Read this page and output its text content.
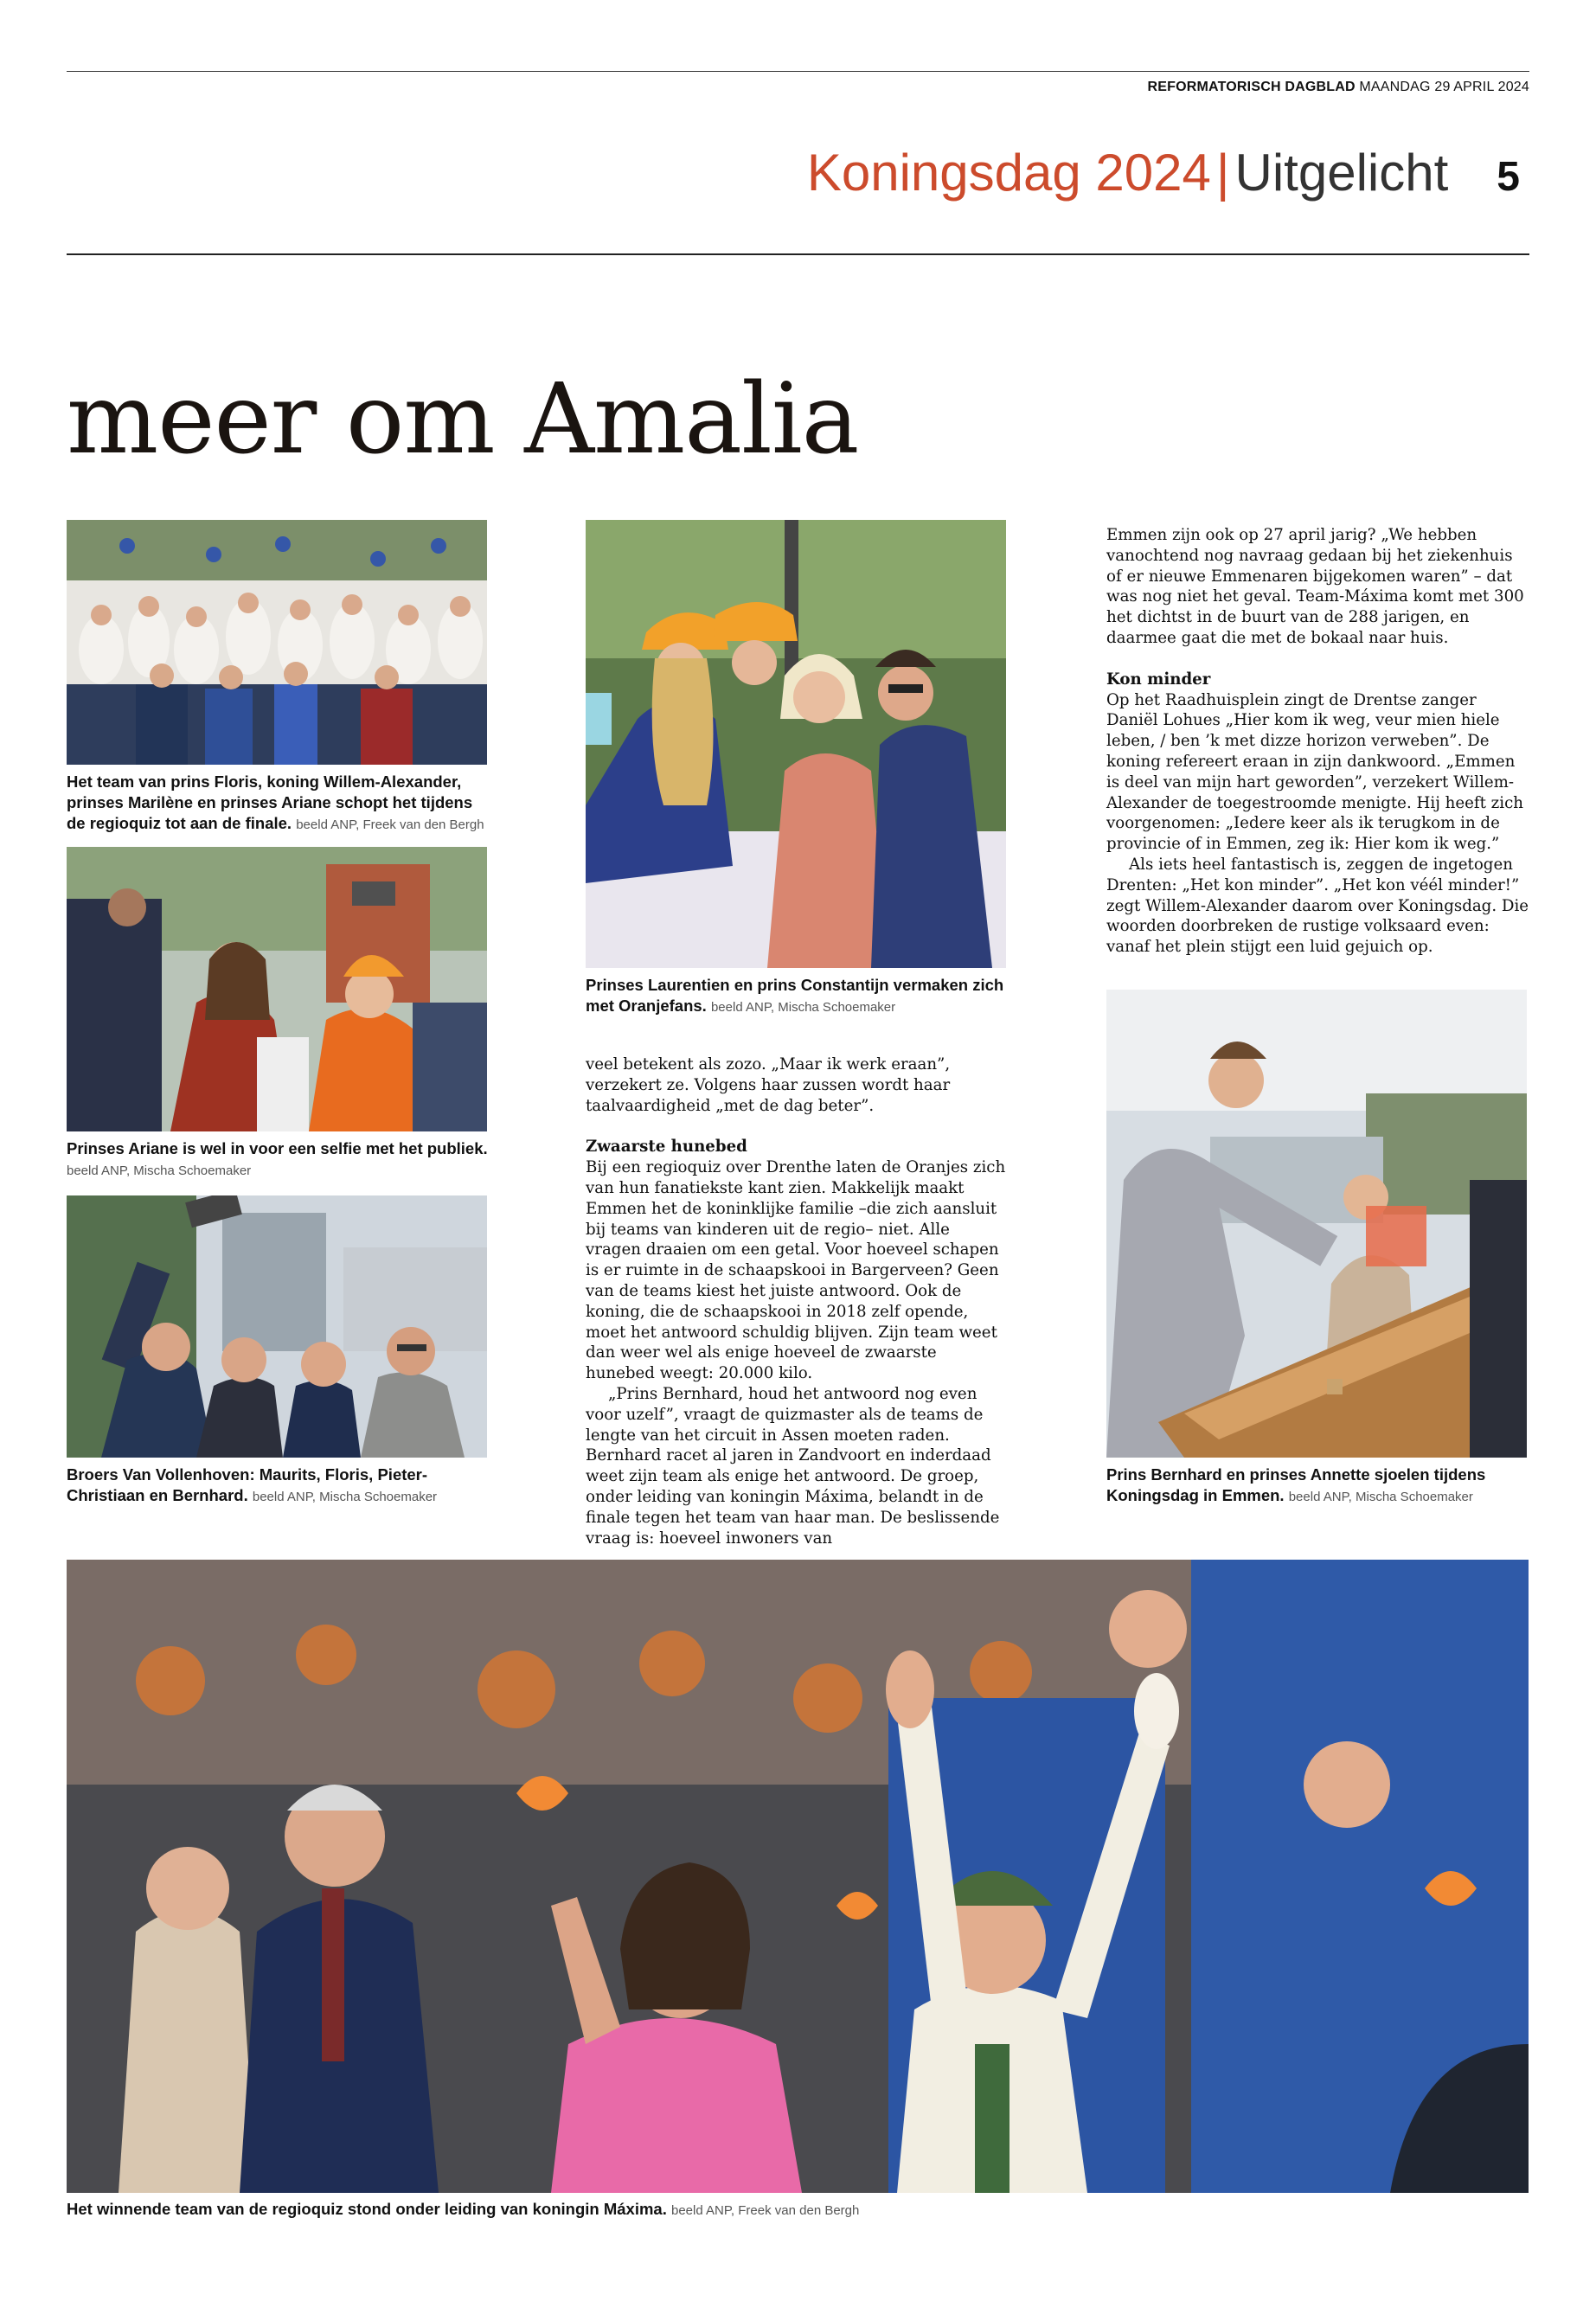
REFORMATORISCH DAGBLAD MAANDAG 29 APRIL 2024
Koningsdag 2024 | Uitgelicht 5
meer om Amalia
Het team van prins Floris, koning Willem-Alexander, prinses Marilène en prinses Ariane schopt het tijdens de regioquiz tot aan de finale. beeld ANP, Freek van den Bergh
Prinses Ariane is wel in voor een selfie met het publiek. beeld ANP, Mischa Schoemaker
Broers Van Vollenhoven: Maurits, Floris, Pieter-Christiaan en Bernhard. beeld ANP, Mischa Schoemaker
Prinses Laurentien en prins Constantijn vermaken zich met Oranjefans. beeld ANP, Mischa Schoemaker

veel betekent als zozo. „Maar ik werk eraan”, verzekert ze. Volgens haar zussen wordt haar taalvaardigheid „met de dag beter”.

Zwaarste hunebed

Bij een regioquiz over Drenthe laten de Oranjes zich van hun fanatiekste kant zien. Makkelijk maakt Emmen het de koninklijke familie –die zich aansluit bij teams van kinderen uit de regio– niet. Alle vragen draaien om een getal. Voor hoeveel schapen is er ruimte in de schaapskooi in Bargerveen? Geen van de teams kiest het juiste antwoord. Ook de koning, die de schaapskooi in 2018 zelf opende, moet het antwoord schuldig blijven. Zijn team weet dan weer wel als enige hoeveel de zwaarste hunebed weegt: 20.000 kilo.

„Prins Bernhard, houd het antwoord nog even voor uzelf”, vraagt de quizmaster als de teams de lengte van het circuit in Assen moeten raden. Bernhard racet al jaren in Zandvoort en inderdaad weet zijn team als enige het antwoord. De groep, onder leiding van koningin Máxima, belandt in de finale tegen het team van haar man. De beslissende vraag is: hoeveel inwoners van

Emmen zijn ook op 27 april jarig? „We hebben vanochtend nog navraag gedaan bij het ziekenhuis of er nieuwe Emmenaren bijgekomen waren” – dat was nog niet het geval. Team-Máxima komt met 300 het dichtst in de buurt van de 288 jarigen, en daarmee gaat die met de bokaal naar huis.

Kon minder

Op het Raadhuisplein zingt de Drentse zanger Daniël Lohues „Hier kom ik weg, veur mien hiele leben, / ben ’k met dizze horizon verweben”. De koning refereert eraan in zijn dankwoord. „Emmen is deel van mijn hart geworden”, verzekert Willem-Alexander de toegestroomde menigte. Hij heeft zich voorgenomen: „Iedere keer als ik terugkom in de provincie of in Emmen, zeg ik: Hier kom ik weg.”

Als iets heel fantastisch is, zeggen de ingetogen Drenten: „Het kon minder”. „Het kon véél minder!” zegt Willem-Alexander daarom over Koningsdag. Die woorden doorbreken de rustige volksaard even: vanaf het plein stijgt een luid gejuich op.

Prins Bernhard en prinses Annette sjoelen tijdens Koningsdag in Emmen. beeld ANP, Mischa Schoemaker
Het winnende team van de regioquiz stond onder leiding van koningin Máxima. beeld ANP, Freek van den Bergh
